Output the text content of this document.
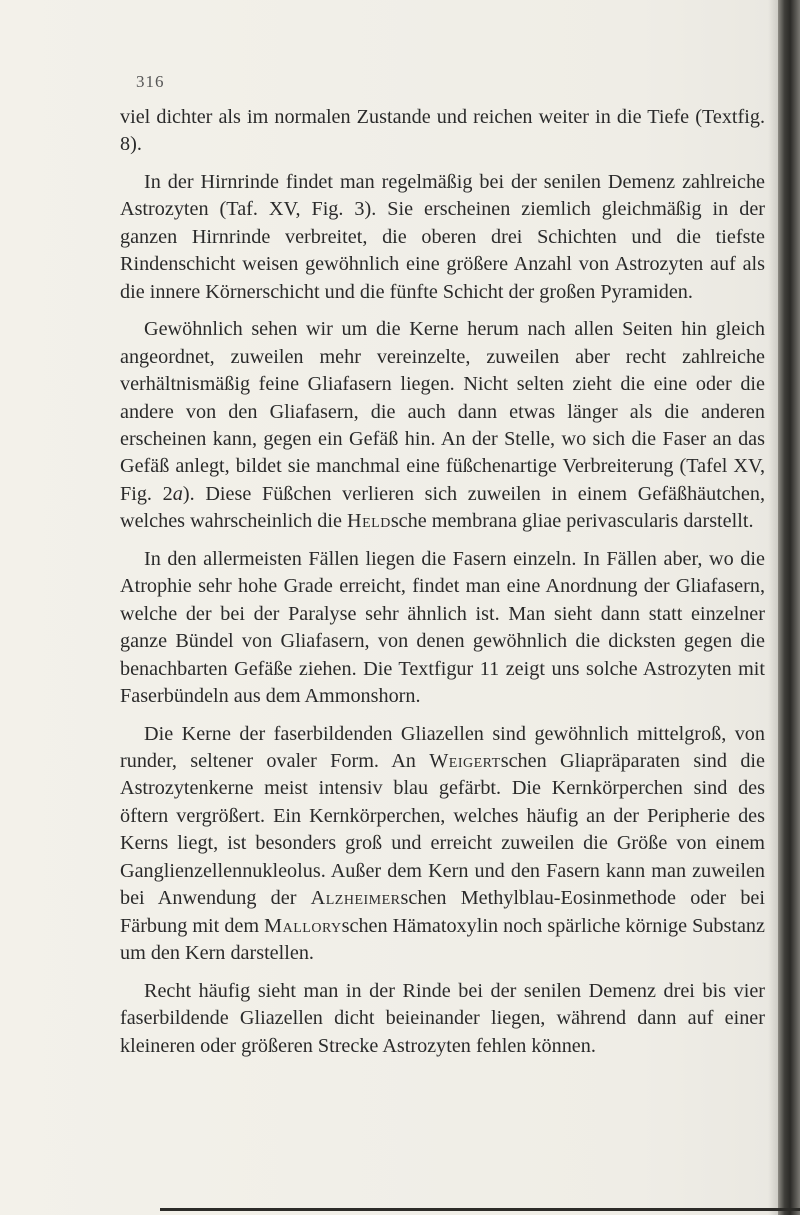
316

viel dichter als im normalen Zustande und reichen weiter in die Tiefe (Textfig. 8).

In der Hirnrinde findet man regelmäßig bei der senilen Demenz zahlreiche Astrozyten (Taf. XV, Fig. 3). Sie erscheinen ziemlich gleichmäßig in der ganzen Hirnrinde verbreitet, die oberen drei Schichten und die tiefste Rindenschicht weisen gewöhnlich eine größere Anzahl von Astrozyten auf als die innere Körnerschicht und die fünfte Schicht der großen Pyramiden.

Gewöhnlich sehen wir um die Kerne herum nach allen Seiten hin gleich angeordnet, zuweilen mehr vereinzelte, zuweilen aber recht zahlreiche verhältnismäßig feine Gliafasern liegen. Nicht selten zieht die eine oder die andere von den Gliafasern, die auch dann etwas länger als die anderen erscheinen kann, gegen ein Gefäß hin. An der Stelle, wo sich die Faser an das Gefäß anlegt, bildet sie manchmal eine füßchenartige Verbreiterung (Tafel XV, Fig. 2a). Diese Füßchen verlieren sich zuweilen in einem Gefäßhäutchen, welches wahrscheinlich die Heldsche membrana gliae perivascularis darstellt.

In den allermeisten Fällen liegen die Fasern einzeln. In Fällen aber, wo die Atrophie sehr hohe Grade erreicht, findet man eine Anordnung der Gliafasern, welche der bei der Paralyse sehr ähnlich ist. Man sieht dann statt einzelner ganze Bündel von Gliafasern, von denen gewöhnlich die dicksten gegen die benachbarten Gefäße ziehen. Die Textfigur 11 zeigt uns solche Astrozyten mit Faserbündeln aus dem Ammonshorn.

Die Kerne der faserbildenden Gliazellen sind gewöhnlich mittelgroß, von runder, seltener ovaler Form. An Weigertschen Gliapräparaten sind die Astrozytenkerne meist intensiv blau gefärbt. Die Kernkörperchen sind des öftern vergrößert. Ein Kernkörperchen, welches häufig an der Peripherie des Kerns liegt, ist besonders groß und erreicht zuweilen die Größe von einem Ganglienzellennukleolus. Außer dem Kern und den Fasern kann man zuweilen bei Anwendung der Alzheimerschen Methylblau-Eosinmethode oder bei Färbung mit dem Malloryschen Hämatoxylin noch spärliche körnige Substanz um den Kern darstellen.

Recht häufig sieht man in der Rinde bei der senilen Demenz drei bis vier faserbildende Gliazellen dicht beieinander liegen, während dann auf einer kleineren oder größeren Strecke Astrozyten fehlen können.
